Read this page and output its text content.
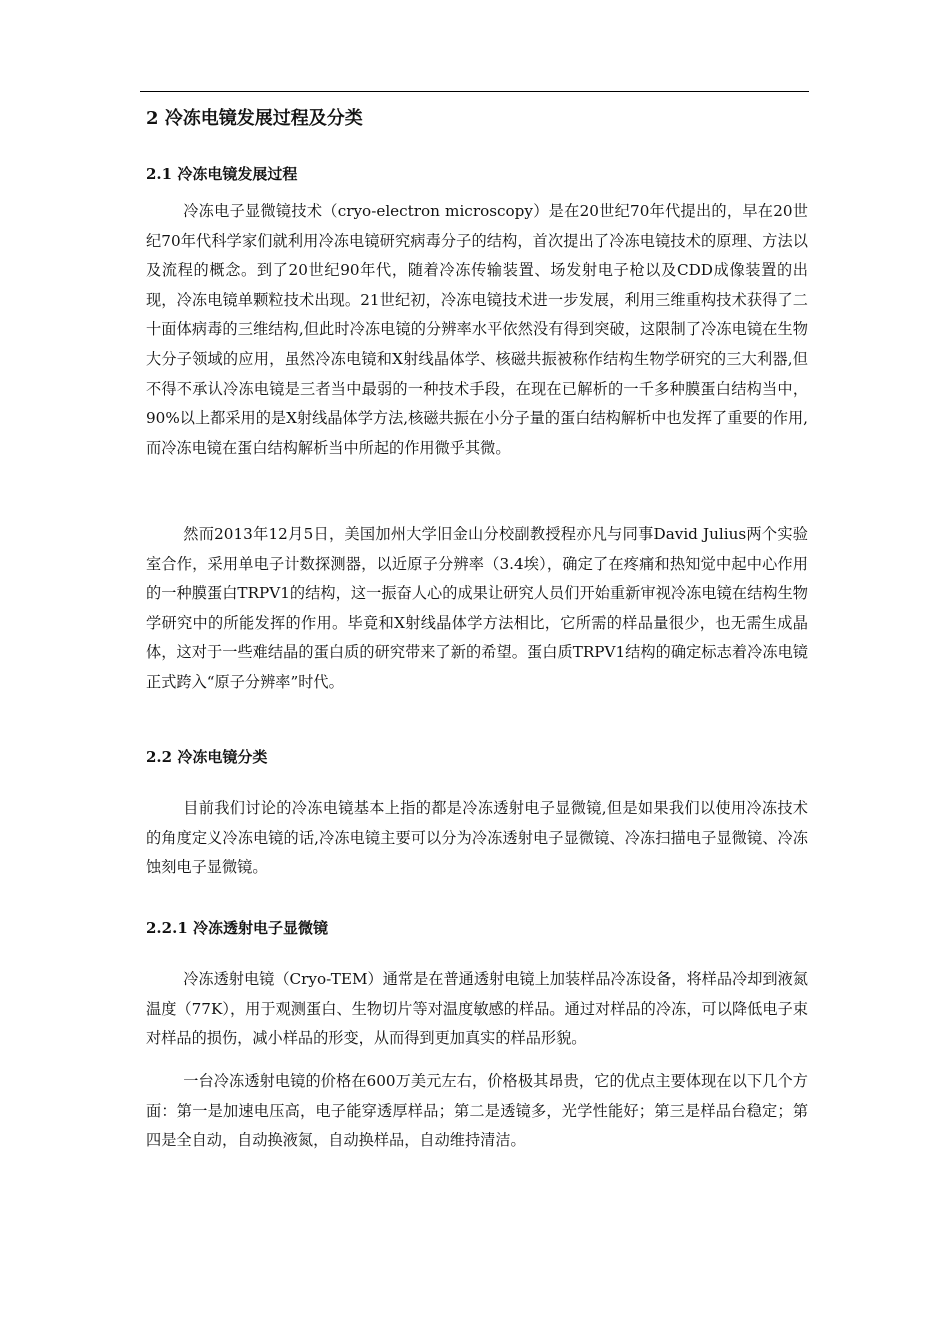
2 冷冻电镜发展过程及分类
2.1 冷冻电镜发展过程

冷冻电子显微镜技术（cryo-electron microscopy）是在20世纪70年代提出的，早在20世纪70年代科学家们就利用冷冻电镜研究病毒分子的结构，首次提出了冷冻电镜技术的原理、方法以及流程的概念。到了20世纪90年代，随着冷冻传输装置、场发射电子枪以及CDD成像装置的出现，冷冻电镜单颗粒技术出现。21世纪初，冷冻电镜技术进一步发展，利用三维重构技术获得了二十面体病毒的三维结构,但此时冷冻电镜的分辨率水平依然没有得到突破，这限制了冷冻电镜在生物大分子领域的应用，虽然冷冻电镜和X射线晶体学、核磁共振被称作结构生物学研究的三大利器,但不得不承认冷冻电镜是三者当中最弱的一种技术手段，在现在已解析的一千多种膜蛋白结构当中，90%以上都采用的是X射线晶体学方法,核磁共振在小分子量的蛋白结构解析中也发挥了重要的作用,而冷冻电镜在蛋白结构解析当中所起的作用微乎其微。

然而2013年12月5日，美国加州大学旧金山分校副教授程亦凡与同事David Julius两个实验室合作，采用单电子计数探测器，以近原子分辨率（3.4埃），确定了在疼痛和热知觉中起中心作用的一种膜蛋白TRPV1的结构，这一振奋人心的成果让研究人员们开始重新审视冷冻电镜在结构生物学研究中的所能发挥的作用。毕竟和X射线晶体学方法相比，它所需的样品量很少，也无需生成晶体，这对于一些难结晶的蛋白质的研究带来了新的希望。蛋白质TRPV1结构的确定标志着冷冻电镜正式跨入“原子分辨率”时代。

2.2 冷冻电镜分类

目前我们讨论的冷冻电镜基本上指的都是冷冻透射电子显微镜,但是如果我们以使用冷冻技术的角度定义冷冻电镜的话,冷冻电镜主要可以分为冷冻透射电子显微镜、冷冻扫描电子显微镜、冷冻蚀刻电子显微镜。

2.2.1 冷冻透射电子显微镜

冷冻透射电镜（Cryo-TEM）通常是在普通透射电镜上加装样品冷冻设备，将样品冷却到液氮温度（77K），用于观测蛋白、生物切片等对温度敏感的样品。通过对样品的冷冻，可以降低电子束对样品的损伤，减小样品的形变，从而得到更加真实的样品形貌。

一台冷冻透射电镜的价格在600万美元左右，价格极其昂贵，它的优点主要体现在以下几个方面：第一是加速电压高，电子能穿透厚样品；第二是透镜多，光学性能好；第三是样品台稳定；第四是全自动，自动换液氮，自动换样品，自动维持清洁。
